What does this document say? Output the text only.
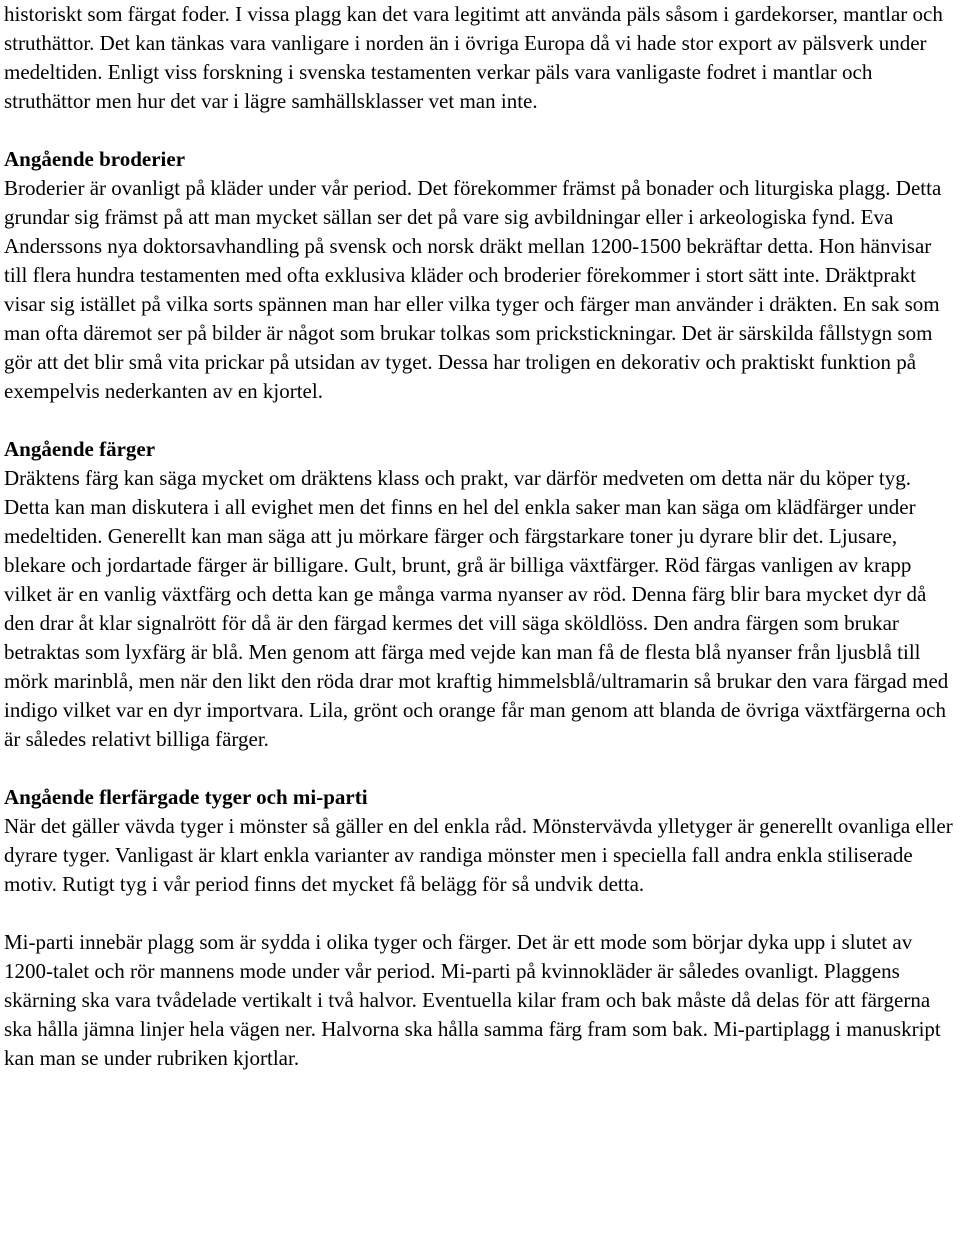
historiskt som färgat foder. I vissa plagg kan det vara legitimt att använda päls såsom i gardekorser, mantlar och struthättor. Det kan tänkas vara vanligare i norden än i övriga Europa då vi hade stor export av pälsverk under medeltiden. Enligt viss forskning i svenska testamenten verkar päls vara vanligaste fodret i mantlar och struthättor men hur det var i lägre samhällsklasser vet man inte.

Angående broderier

Broderier är ovanligt på kläder under vår period. Det förekommer främst på bonader och liturgiska plagg. Detta grundar sig främst på att man mycket sällan ser det på vare sig avbildningar eller i arkeologiska fynd. Eva Anderssons nya doktorsavhandling på svensk och norsk dräkt mellan 1200-1500 bekräftar detta. Hon hänvisar till flera hundra testamenten med ofta exklusiva kläder och broderier förekommer i stort sätt inte. Dräktprakt visar sig istället på vilka sorts spännen man har eller vilka tyger och färger man använder i dräkten. En sak som man ofta däremot ser på bilder är något som brukar tolkas som prickstickningar. Det är särskilda fållstygn som gör att det blir små vita prickar på utsidan av tyget. Dessa har troligen en dekorativ och praktiskt funktion på exempelvis nederkanten av en kjortel.

Angående färger

Dräktens färg kan säga mycket om dräktens klass och prakt, var därför medveten om detta när du köper tyg. Detta kan man diskutera i all evighet men det finns en hel del enkla saker man kan säga om klädfärger under medeltiden. Generellt kan man säga att ju mörkare färger och färgstarkare toner ju dyrare blir det. Ljusare, blekare och jordartade färger är billigare. Gult, brunt, grå är billiga växtfärger. Röd färgas vanligen av krapp vilket är en vanlig växtfärg och detta kan ge många varma nyanser av röd. Denna färg blir bara mycket dyr då den drar åt klar signalrött för då är den färgad kermes det vill säga sköldlöss. Den andra färgen som brukar betraktas som lyxfärg är blå. Men genom att färga med vejde kan man få de flesta blå nyanser från ljusblå till mörk marinblå, men när den likt den röda drar mot kraftig himmelsblå/ultramarin så brukar den vara färgad med indigo vilket var en dyr importvara. Lila, grönt och orange får man genom att blanda de övriga växtfärgerna och är således relativt billiga färger.

Angående flerfärgade tyger och mi-parti

När det gäller vävda tyger i mönster så gäller en del enkla råd. Mönstervävda ylletyger är generellt ovanliga eller dyrare tyger. Vanligast är klart enkla varianter av randiga mönster men i speciella fall andra enkla stiliserade motiv. Rutigt tyg i vår period finns det mycket få belägg för så undvik detta.

Mi-parti innebär plagg som är sydda i olika tyger och färger. Det är ett mode som börjar dyka upp i slutet av 1200-talet och rör mannens mode under vår period. Mi-parti på kvinnokläder är således ovanligt. Plaggens skärning ska vara tvådelade vertikalt i två halvor. Eventuella kilar fram och bak måste då delas för att färgerna ska hålla jämna linjer hela vägen ner. Halvorna ska hålla samma färg fram som bak. Mi-partiplagg i manuskript kan man se under rubriken kjortlar.
